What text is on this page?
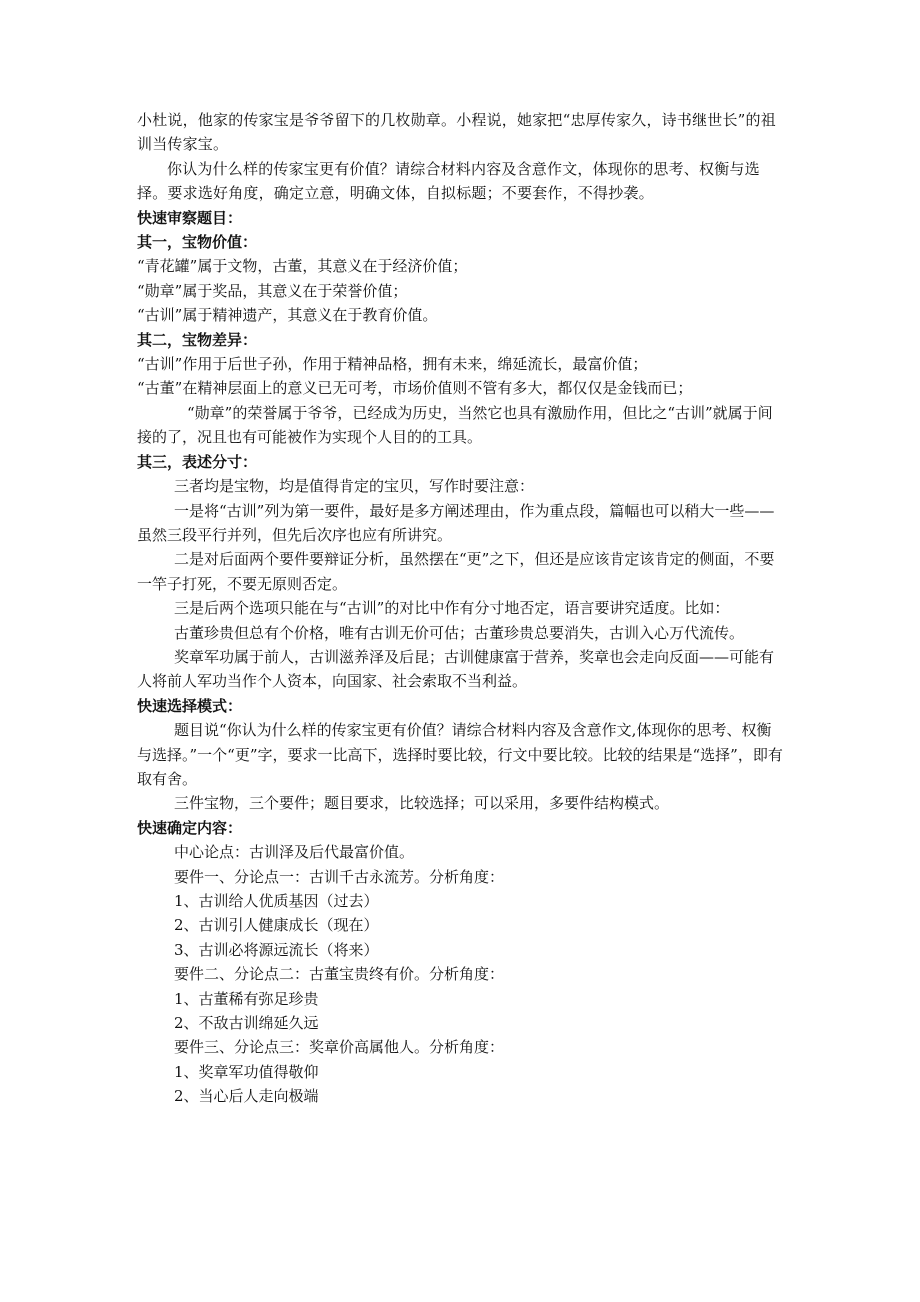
小杜说，他家的传家宝是爷爷留下的几枚勋章。小程说，她家把“忠厚传家久，诗书继世长”的祖训当传家宝。

你认为什么样的传家宝更有价值？请综合材料内容及含意作文，体现你的思考、权衡与选择。要求选好角度，确定立意，明确文体，自拟标题；不要套作，不得抄袭。

快速审察题目：

其一，宝物价值：

“青花罐”属于文物，古董，其意义在于经济价值；

“勋章”属于奖品，其意义在于荣誉价值；

“古训”属于精神遗产，其意义在于教育价值。

其二，宝物差异：

“古训”作用于后世子孙，作用于精神品格，拥有未来，绵延流长，最富价值；

“古董”在精神层面上的意义已无可考，市场价值则不管有多大，都仅仅是金钱而已；

“勋章”的荣誉属于爷爷，已经成为历史，当然它也具有激励作用，但比之“古训”就属于间接的了，况且也有可能被作为实现个人目的的工具。

其三，表述分寸：

三者均是宝物，均是值得肯定的宝贝，写作时要注意：

一是将“古训”列为第一要件，最好是多方阐述理由，作为重点段，篇幅也可以稍大一些——虽然三段平行并列，但先后次序也应有所讲究。

二是对后面两个要件要辩证分析，虽然摆在“更”之下，但还是应该肯定该肯定的侧面，不要一竿子打死，不要无原则否定。

三是后两个选项只能在与“古训”的对比中作有分寸地否定，语言要讲究适度。比如：

古董珍贵但总有个价格，唯有古训无价可估；古董珍贵总要消失，古训入心万代流传。

奖章军功属于前人，古训滋养泽及后昆；古训健康富于营养，奖章也会走向反面——可能有人将前人军功当作个人资本，向国家、社会索取不当利益。

快速选择模式：

题目说“你认为什么样的传家宝更有价值？请综合材料内容及含意作文,体现你的思考、权衡与选择。”一个“更”字，要求一比高下，选择时要比较，行文中要比较。比较的结果是“选择”，即有取有舍。

三件宝物，三个要件；题目要求，比较选择；可以采用，多要件结构模式。

快速确定内容：

中心论点：古训泽及后代最富价值。

要件一、分论点一：古训千古永流芳。分析角度：

1、古训给人优质基因（过去）

2、古训引人健康成长（现在）

3、古训必将源远流长（将来）

要件二、分论点二：古董宝贵终有价。分析角度：

1、古董稀有弥足珍贵

2、不敌古训绵延久远

要件三、分论点三：奖章价高属他人。分析角度：

1、奖章军功值得敬仰

2、当心后人走向极端
